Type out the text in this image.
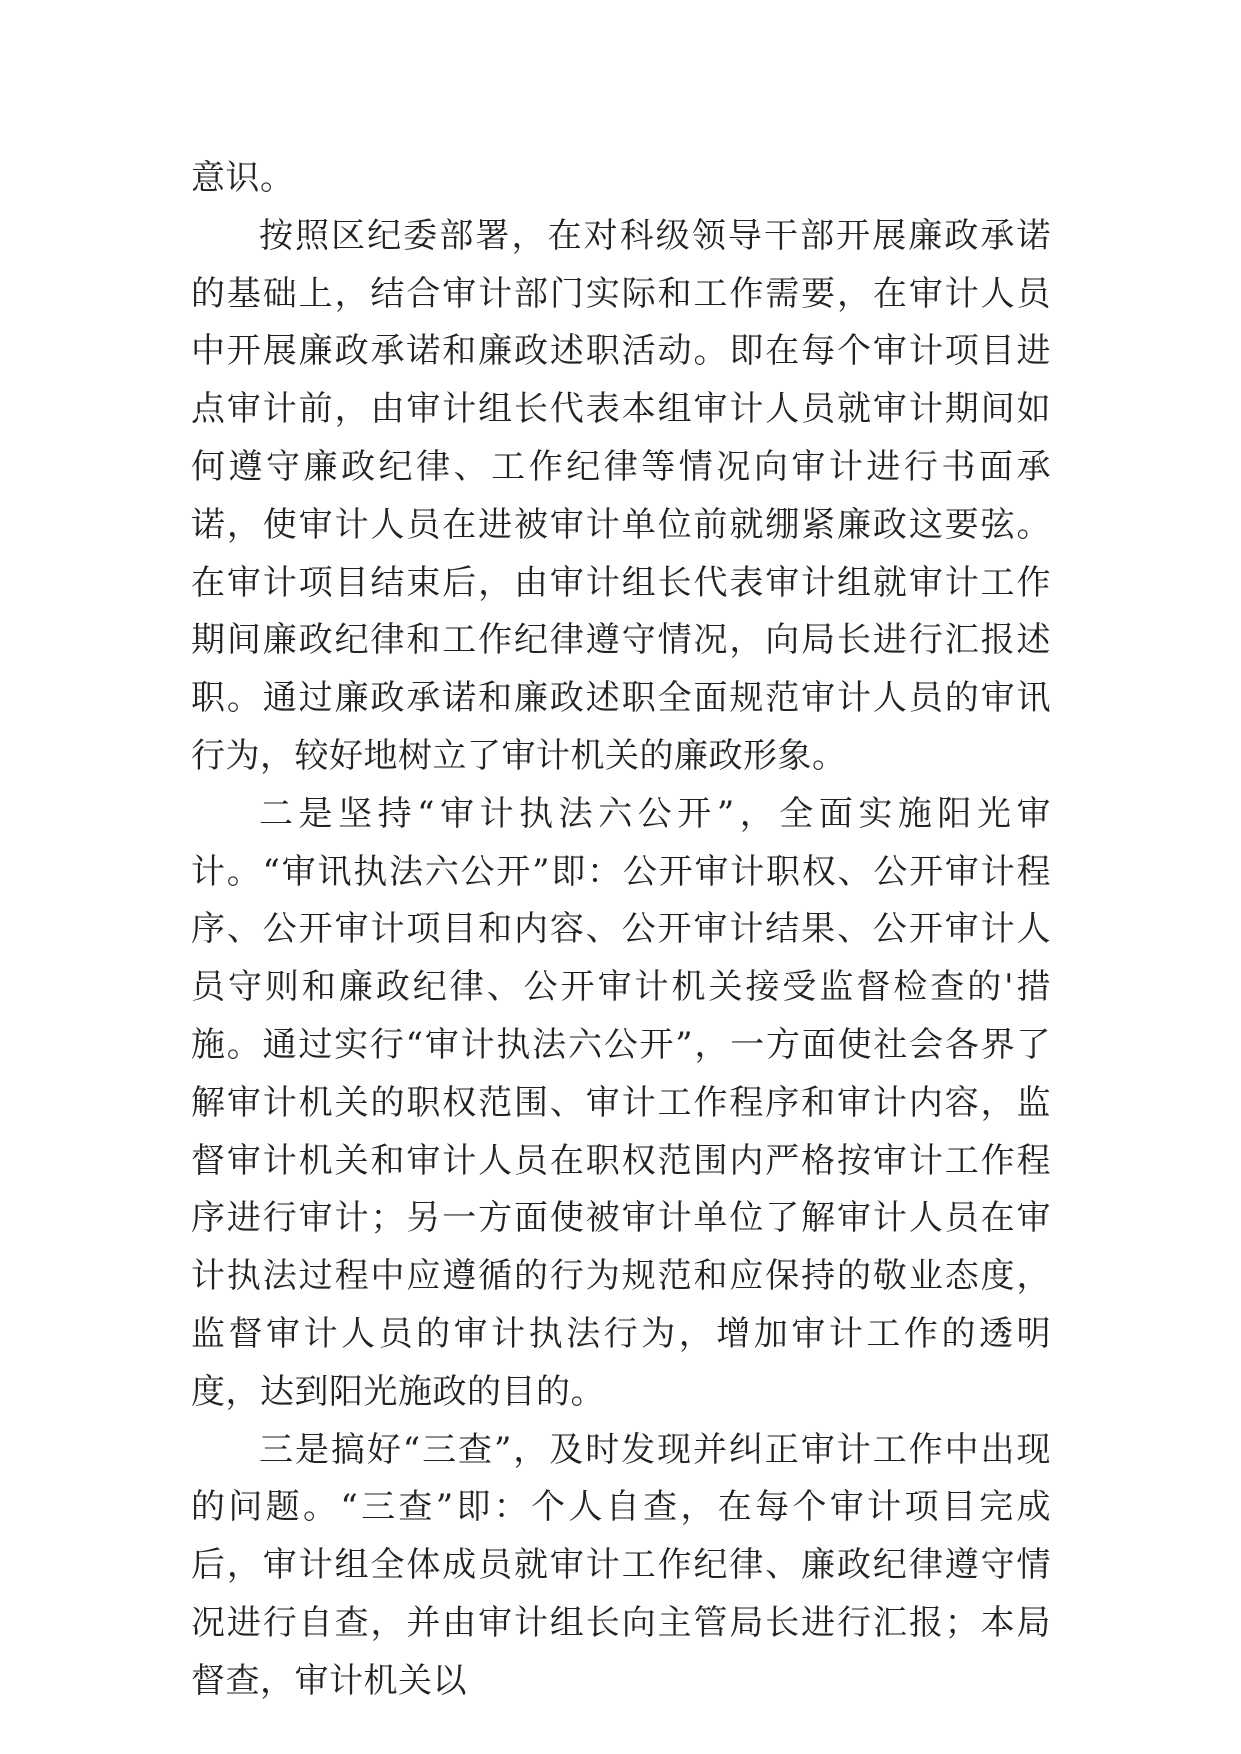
意识。

按照区纪委部署，在对科级领导干部开展廉政承诺的基础上，结合审计部门实际和工作需要，在审计人员中开展廉政承诺和廉政述职活动。即在每个审计项目进点审计前，由审计组长代表本组审计人员就审计期间如何遵守廉政纪律、工作纪律等情况向审计进行书面承诺，使审计人员在进被审计单位前就绷紧廉政这要弦。在审计项目结束后，由审计组长代表审计组就审计工作期间廉政纪律和工作纪律遵守情况，向局长进行汇报述职。通过廉政承诺和廉政述职全面规范审计人员的审讯行为，较好地树立了审计机关的廉政形象。

二是坚持“审计执法六公开”，全面实施阳光审计。“审讯执法六公开”即：公开审计职权、公开审计程序、公开审计项目和内容、公开审计结果、公开审计人员守则和廉政纪律、公开审计机关接受监督检查的'措施。通过实行“审计执法六公开”，一方面使社会各界了解审计机关的职权范围、审计工作程序和审计内容，监督审计机关和审计人员在职权范围内严格按审计工作程序进行审计；另一方面使被审计单位了解审计人员在审计执法过程中应遵循的行为规范和应保持的敬业态度，监督审计人员的审计执法行为，增加审计工作的透明度，达到阳光施政的目的。

三是搞好“三查”，及时发现并纠正审计工作中出现的问题。“三查”即：个人自查，在每个审计项目完成后，审计组全体成员就审计工作纪律、廉政纪律遵守情况进行自查，并由审计组长向主管局长进行汇报；本局督查，审计机关以
